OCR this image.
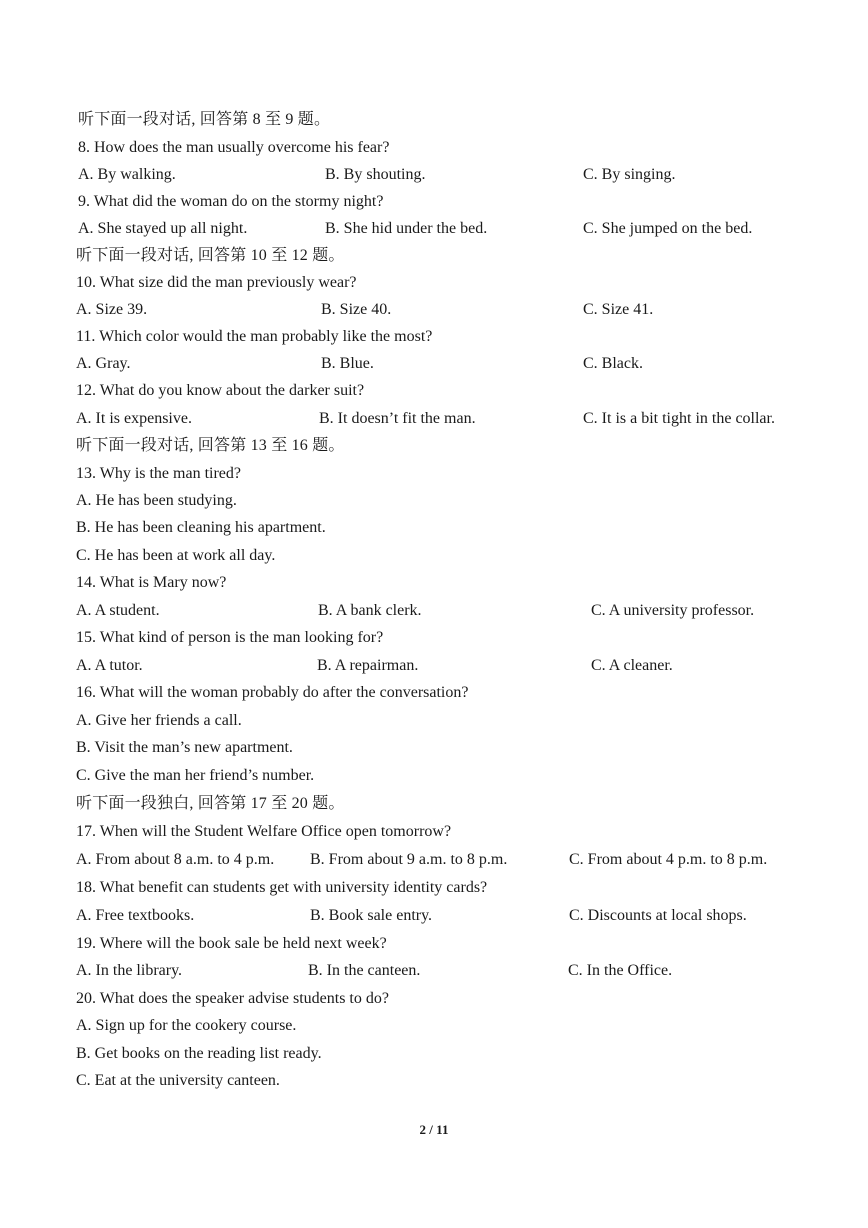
听下面一段对话, 回答第 8 至 9 题。
8. How does the man usually overcome his fear?
A. By walking.	B. By shouting.	C. By singing.
9. What did the woman do on the stormy night?
A. She stayed up all night.	B. She hid under the bed.	C. She jumped on the bed.
听下面一段对话, 回答第 10 至 12 题。
10. What size did the man previously wear?
A. Size 39.	B. Size 40.	C. Size 41.
11. Which color would the man probably like the most?
A. Gray.	B. Blue.	C. Black.
12. What do you know about the darker suit?
A. It is expensive.	B. It doesn’t fit the man.	C. It is a bit tight in the collar.
听下面一段对话, 回答第 13 至 16 题。
13. Why is the man tired?
A. He has been studying.
B. He has been cleaning his apartment.
C. He has been at work all day.
14. What is Mary now?
A. A student.	B. A bank clerk.	C. A university professor.
15. What kind of person is the man looking for?
A. A tutor.	B. A repairman.	C. A cleaner.
16. What will the woman probably do after the conversation?
A. Give her friends a call.
B. Visit the man’s new apartment.
C. Give the man her friend’s number.
听下面一段独白, 回答第 17 至 20 题。
17. When will the Student Welfare Office open tomorrow?
A. From about 8 a.m. to 4 p.m. B. From about 9 a.m. to 8 p.m.	C. From about 4 p.m. to 8 p.m.
18. What benefit can students get with university identity cards?
A. Free textbooks.	B. Book sale entry.	C. Discounts at local shops.
19. Where will the book sale be held next week?
A. In the library.	B. In the canteen.	C. In the Office.
20. What does the speaker advise students to do?
A. Sign up for the cookery course.
B. Get books on the reading list ready.
C. Eat at the university canteen.
2 / 11
